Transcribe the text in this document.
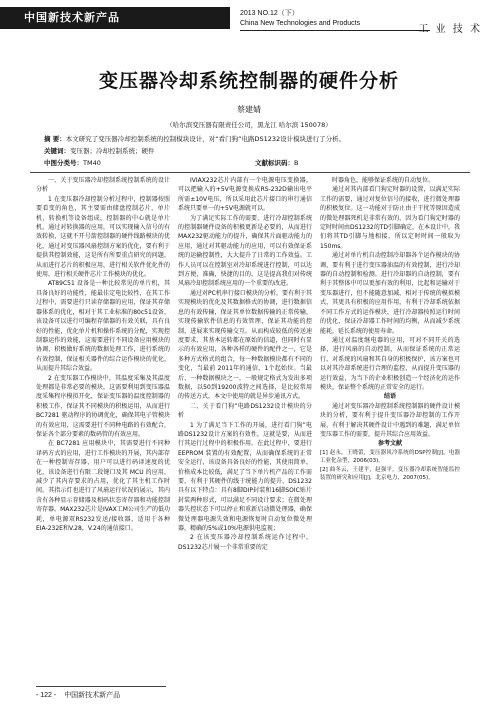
中国新技术新产品	2013 NO.12（下）
China New Technologies and Products
工 业 技 术
变压器冷却系统控制器的硬件分析
蔡建婧
（哈尔滨变压器有限责任公司，黑龙江 哈尔滨 150078）
摘 要：本文研究了变压器冷却控制系统的控制模块设计，对“看门狗”电路DS1232设计模块进行了分析。
关键词：变压器；冷却控制系统；硬件
中图分类号：TM40	文献标识码：B

一、关于变压器冷却控制系统控制系统的设计分析

1 在变压器冷却控制分析过程中，控制器按照要看变的角色，其主要需由储盘控制芯片，单片机，转换机等设备组成，控制器的中心就是单片机。通过对转换器的应用，可以实现输入信号的有效转换，这就不开号箭控制器的硬件线路模块的优化，通过对变压器风扇控制方案的优化，要有利于提供其控制效能，这是所有所要重点研究的问题，从而进行芯片的积极应用，进行相关软件优化件的使用，进行相关硬件芯片工作模块的优化。

AT89C51 设备是一种比较常见的单片机，其具备良好的功能性，能最佳定电比较性，在其工作过程中，需要进行只读存储器的应用，保证其存储器体系的优化，相对于其工业标准的80c51设备，该设备可以进行可编程存储器的有效关联，具有良好的性能，优化单片机和操作系统的分配，实现控制器运作的效能，这需要进行不同设备应用模块的协调，积极做好系统的数据处理工作，进行系统的有效控制，保证相关器件的综合运作模块的优化，从而提升其综合效益。

2 在变压器工作模块中，其温度采集及其温度处理都是非常必要的模块，这需要利用到变压器温度采集程序模拟开化，保证变压器的温度控制器的积极工作，保证其不同模块的积极运用，从而进行 BC7281 驱动程序的协调优化，确保其电子管模块的有效应用，这需要进行不同种电路的有效配合，保证各个部分要素的数码管的有效应用。

在 BC7281 应用模块中，其需要进行不同种译码方式的应用，进行工作模块的开展，其内部存在一种控制寄存器，用户可以进行码译速度的优化，该设备进行有限二段键口及其 MCU 的应用，减少了其内存要求的占用，优化了其主机工作时间。其指示灯也进行了风扇运行状况的展示，其内含有各种显示存储器及相码状态寄存器和功能控制寄存器。MAX232芯片是IVAX工M公司生产的低功耗，单电源双RS232发送/接收器，适用于各种EIA-232E和V.28，V.24的通信接口。

IVIAX232芯片内部有一个电源电压变换器，可以把输入的+5V电源变换成RS-232D输出电平所需±10V电压，所以采用此芯片接口的串行通信系统只要单一的+5V电源就可以。

为了满足实际工作的需要，进行冷却控制系统的控制器硬件设备的积极更新是必要的，从而进行MAX232驱动能力的提升，确保其片面驱动能力的应用，通过对其驱动能力的应用，可以有效保证系统的运输控制性，大大提升了日常的工作效益。工作人员可以在控制室对冷却系统进行控制，可以达到方便，准确，快捷的目的，这是提高我们对传统风扇冷却控制系统应用的一个重要的改进。

通过对PC机串行接口模块的分析，要有利于其实现模块的优化及其数据格式的协调，进行数据信息的有效传输，保证其单位数据传输的正常传输，实现传输软件信息的有效管理，保证其功能的控制，进展来实现传输交互。从而构成较低的传送速度要求，其基本运转都在原始的信道，但同时有显示的有效应用，各种各样的硬件的配件之一，它是多种方式格式的组合，每一种数据模块都有不同的变化，当最前 2011年的通信，1个起始位。当最后，一种数据模块之一，一般规定格式为发出多项数据，以50到19200波特之间选择，是比较常用的传送方式，本文中使用的就是异步通讯方式。

二、关于看门狗”电路DS1232设计模块的分析

1 为了满足当下工作的开展，进行看门狗”电路DS1232设计方案的有效性，这就是要，从而进行其运行过程中的积极作用。在此过程中，要进行EEPROM 装置的有效配置，从而确保系统的正常安全运行，该设备具备良好的性能，其使用简单，价格成本比较低，满足了当下单片机产品的工作需要，有利于其硬件的线于统能力的提升，DS1232具有以下特点：具有8脚DIP封装和16脚SOIC贴片封装两种形式，可以满足不同设计要求；在微处理器失控状态下可以停止和重新启动微处理器，确保微处理器电源失效和电源恢复时自动复位微处理器，精确的5%或10%电源供电监视；

2 在该变压器冷却控制系统运作过程中，DS1232芯片履一个非常重要的定

时器角色，能够保证系统的自动复位。

通过对其内部看门狗定时器的设置，以满足实际工作的需要，通过对复位信号的接收，进行微处理器的积极复位。这一功能对于防止由于干扰等原因造成的微处理器死机是非常有效的，因为看门狗定时器的定时时间由DS1232的TD引脚确定，在本设计中，我们将其TD引脚与地相接，所以定时时间一般取为150ms。

通过对单片机自动控制冷却器各个运作模块的协调，要有利于进行变压器油温的有效控制，进行冷却器的自动控制和检测。进行冷却器的自动控制，要有利于其整体中可以更加有效的利用，比起和运输对于变压器进行，但不能随意加减，相对于传统的模拟模式，其更具有积极的应用作用，有利于冷却系统依据不同工作方式的运作模块，进行冷却器按照运行时间的优化，保证冷却器工作时间的均衡，从而减少系统能耗，延长系统的使用寿命。

通过对温度继电器的应用，可对不同开关的选择，进行风扇的自动控制，从而保证系统的正常运行，对系统的风扇和其自身的积极保护，该方案也可以对其冷却系统进行合理的监控，从而提升变压器的运行效益，为当下的企业积极创造一个经济化的运作模块，保证整个系统的正常安全的运行。

结语

通过对变压器冷却控制系统控制器的硬件设计模块的分析，要有利于提升变压器冷却控制的工作开展，有利于解决其硬件设计中遇到的难题，满足单位变压器工作的需要，提升其综合应用效益。

参考文献

[1] 赵永，王晓蕾，变压器风冷系统的DSP控制[J]，电器工业化杂型，2006(03)。

[2] 曲冬云，王建平，赵强平，变压器冷却系统智能监控装置的研究和应用[J]，北京电力，2007(05)。

- 122 - 中国新技术新产品
